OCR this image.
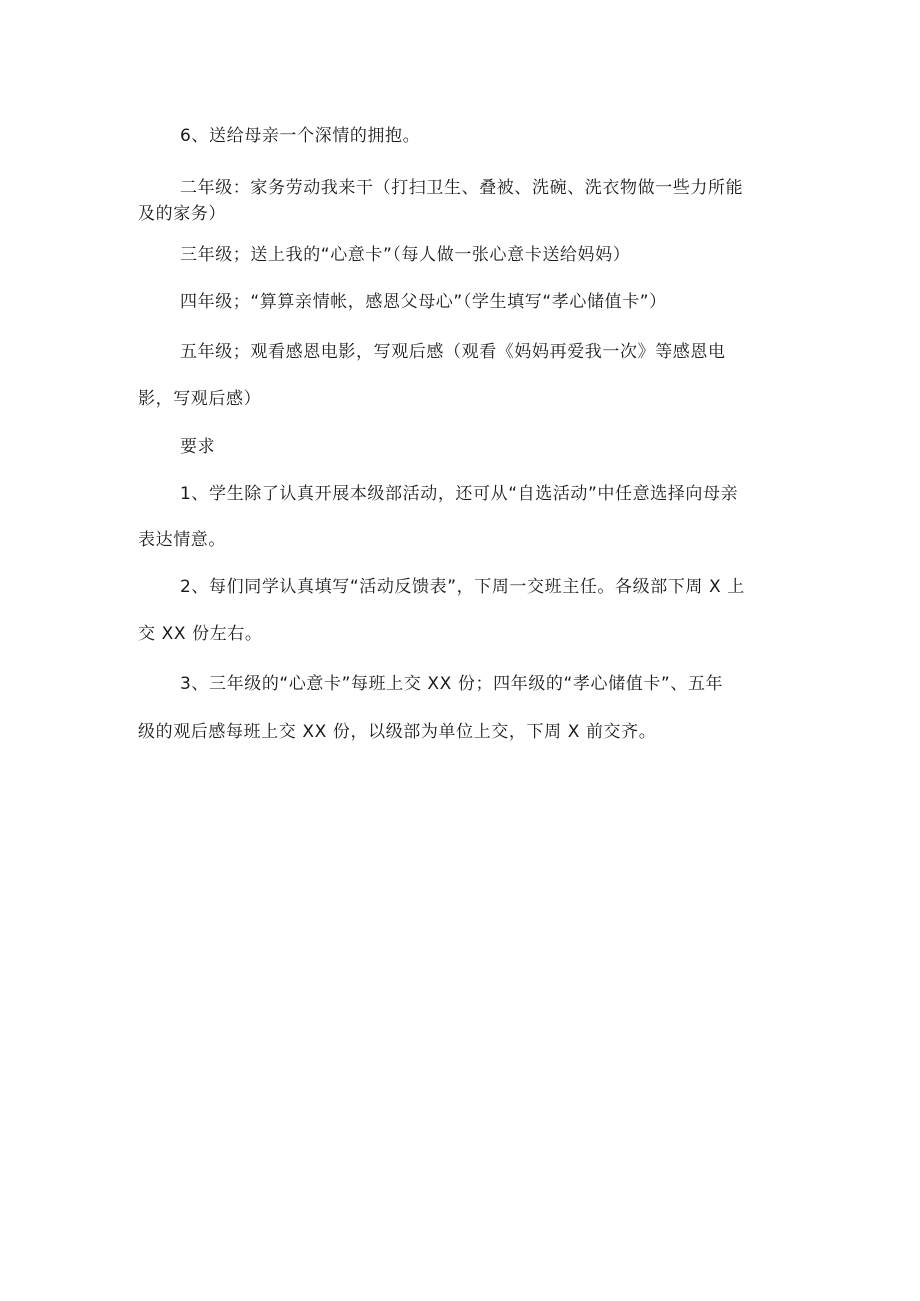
6、送给母亲一个深情的拥抱。
二年级：家务劳动我来干（打扫卫生、叠被、洗碗、洗衣物做一些力所能
及的家务）
三年级；送上我的“心意卡”（每人做一张心意卡送给妈妈）
四年级；“算算亲情帐，感恩父母心”（学生填写“孝心储值卡”）
五年级；观看感恩电影，写观后感（观看《妈妈再爱我一次》等感恩电
影，写观后感）
要求
1、学生除了认真开展本级部活动，还可从“自选活动”中任意选择向母亲
表达情意。
2、每们同学认真填写“活动反馈表”，下周一交班主任。各级部下周 X 上
交 XX 份左右。
3、三年级的“心意卡”每班上交 XX 份；四年级的“孝心储值卡”、五年
级的观后感每班上交 XX 份，以级部为单位上交，下周 X 前交齐。
